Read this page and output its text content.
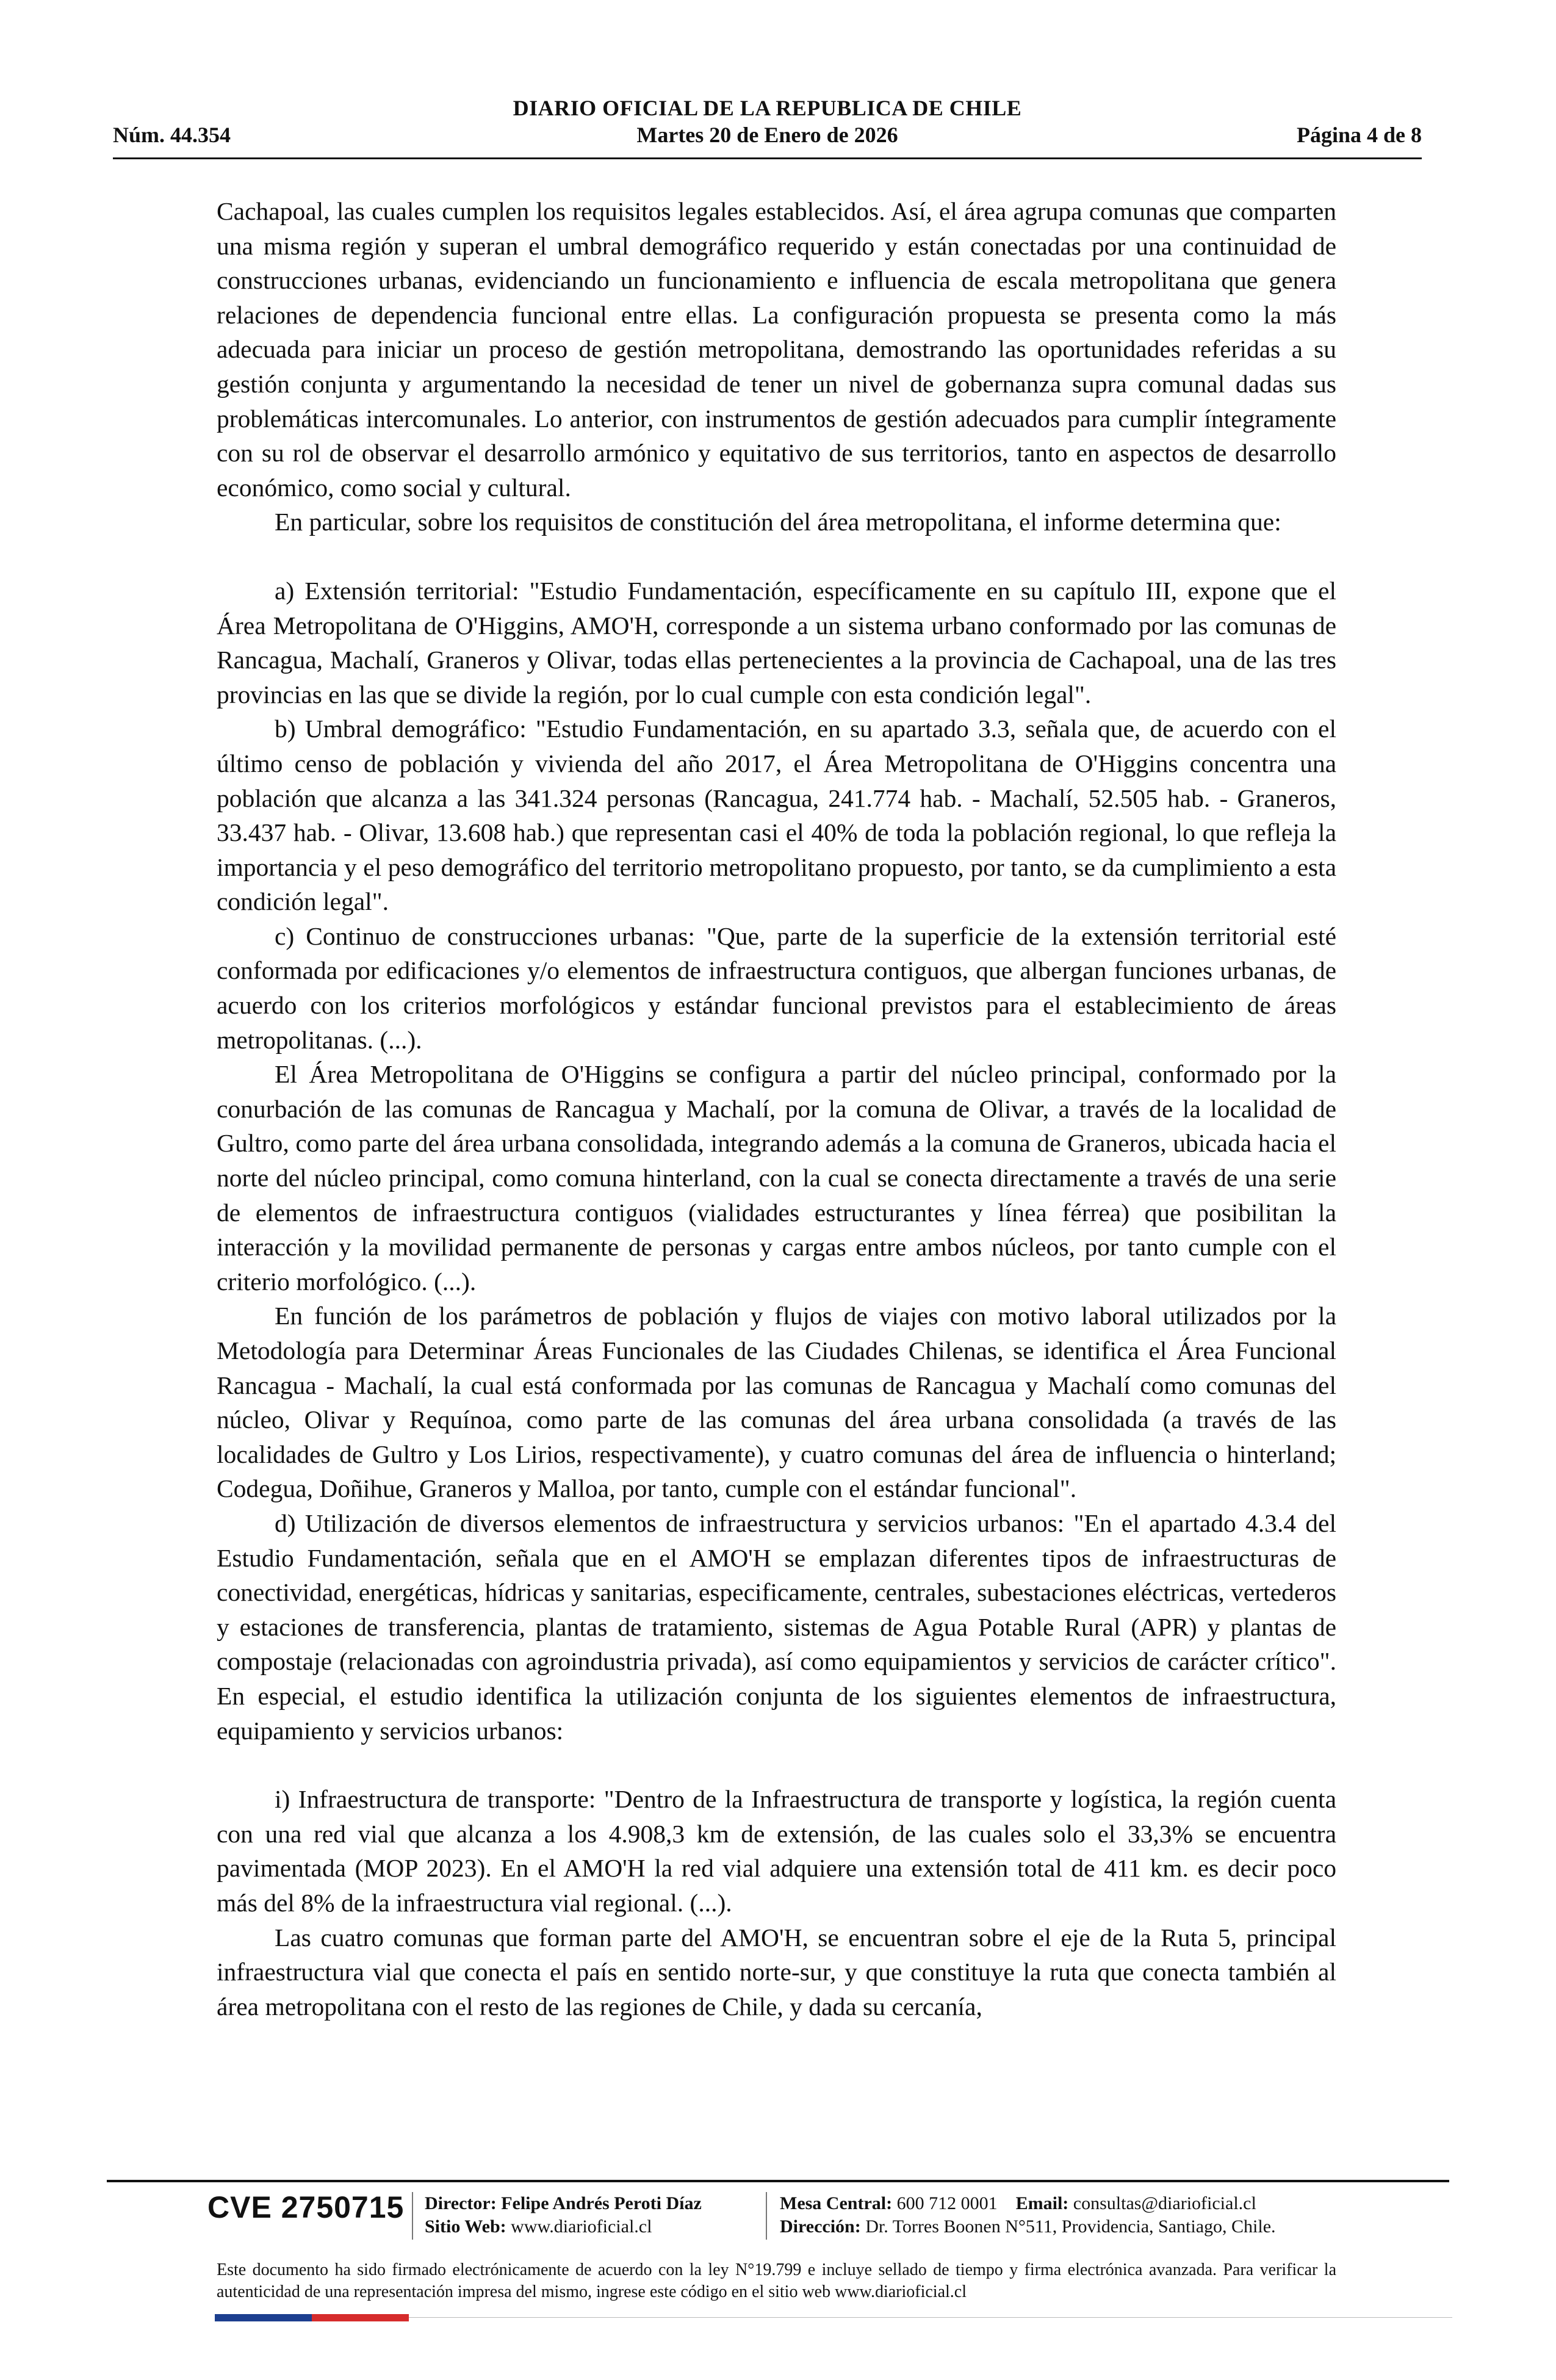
DIARIO OFICIAL DE LA REPUBLICA DE CHILE
Núm. 44.354	Martes 20 de Enero de 2026	Página 4 de 8

Cachapoal, las cuales cumplen los requisitos legales establecidos. Así, el área agrupa comunas que comparten una misma región y superan el umbral demográfico requerido y están conectadas por una continuidad de construcciones urbanas, evidenciando un funcionamiento e influencia de escala metropolitana que genera relaciones de dependencia funcional entre ellas. La configuración propuesta se presenta como la más adecuada para iniciar un proceso de gestión metropolitana, demostrando las oportunidades referidas a su gestión conjunta y argumentando la necesidad de tener un nivel de gobernanza supra comunal dadas sus problemáticas intercomunales. Lo anterior, con instrumentos de gestión adecuados para cumplir íntegramente con su rol de observar el desarrollo armónico y equitativo de sus territorios, tanto en aspectos de desarrollo económico, como social y cultural.

En particular, sobre los requisitos de constitución del área metropolitana, el informe determina que:

a) Extensión territorial: "Estudio Fundamentación, específicamente en su capítulo III, expone que el Área Metropolitana de O'Higgins, AMO'H, corresponde a un sistema urbano conformado por las comunas de Rancagua, Machalí, Graneros y Olivar, todas ellas pertenecientes a la provincia de Cachapoal, una de las tres provincias en las que se divide la región, por lo cual cumple con esta condición legal".

b) Umbral demográfico: "Estudio Fundamentación, en su apartado 3.3, señala que, de acuerdo con el último censo de población y vivienda del año 2017, el Área Metropolitana de O'Higgins concentra una población que alcanza a las 341.324 personas (Rancagua, 241.774 hab. - Machalí, 52.505 hab. - Graneros, 33.437 hab. - Olivar, 13.608 hab.) que representan casi el 40% de toda la población regional, lo que refleja la importancia y el peso demográfico del territorio metropolitano propuesto, por tanto, se da cumplimiento a esta condición legal".

c) Continuo de construcciones urbanas: "Que, parte de la superficie de la extensión territorial esté conformada por edificaciones y/o elementos de infraestructura contiguos, que albergan funciones urbanas, de acuerdo con los criterios morfológicos y estándar funcional previstos para el establecimiento de áreas metropolitanas. (...).

El Área Metropolitana de O'Higgins se configura a partir del núcleo principal, conformado por la conurbación de las comunas de Rancagua y Machalí, por la comuna de Olivar, a través de la localidad de Gultro, como parte del área urbana consolidada, integrando además a la comuna de Graneros, ubicada hacia el norte del núcleo principal, como comuna hinterland, con la cual se conecta directamente a través de una serie de elementos de infraestructura contiguos (vialidades estructurantes y línea férrea) que posibilitan la interacción y la movilidad permanente de personas y cargas entre ambos núcleos, por tanto cumple con el criterio morfológico. (...).

En función de los parámetros de población y flujos de viajes con motivo laboral utilizados por la Metodología para Determinar Áreas Funcionales de las Ciudades Chilenas, se identifica el Área Funcional Rancagua - Machalí, la cual está conformada por las comunas de Rancagua y Machalí como comunas del núcleo, Olivar y Requínoa, como parte de las comunas del área urbana consolidada (a través de las localidades de Gultro y Los Lirios, respectivamente), y cuatro comunas del área de influencia o hinterland; Codegua, Doñihue, Graneros y Malloa, por tanto, cumple con el estándar funcional".

d) Utilización de diversos elementos de infraestructura y servicios urbanos: "En el apartado 4.3.4 del Estudio Fundamentación, señala que en el AMO'H se emplazan diferentes tipos de infraestructuras de conectividad, energéticas, hídricas y sanitarias, especificamente, centrales, subestaciones eléctricas, vertederos y estaciones de transferencia, plantas de tratamiento, sistemas de Agua Potable Rural (APR) y plantas de compostaje (relacionadas con agroindustria privada), así como equipamientos y servicios de carácter crítico". En especial, el estudio identifica la utilización conjunta de los siguientes elementos de infraestructura, equipamiento y servicios urbanos:

i) Infraestructura de transporte: "Dentro de la Infraestructura de transporte y logística, la región cuenta con una red vial que alcanza a los 4.908,3 km de extensión, de las cuales solo el 33,3% se encuentra pavimentada (MOP 2023). En el AMO'H la red vial adquiere una extensión total de 411 km. es decir poco más del 8% de la infraestructura vial regional. (...).

Las cuatro comunas que forman parte del AMO'H, se encuentran sobre el eje de la Ruta 5, principal infraestructura vial que conecta el país en sentido norte-sur, y que constituye la ruta que conecta también al área metropolitana con el resto de las regiones de Chile, y dada su cercanía,

CVE 2750715 Director: Felipe Andrés Peroti Díaz
Sitio Web: www.diarioficial.cl
Mesa Central: 600 712 0001 Email: consultas@diarioficial.cl
Dirección: Dr. Torres Boonen N°511, Providencia, Santiago, Chile.
Este documento ha sido firmado electrónicamente de acuerdo con la ley N°19.799 e incluye sellado de tiempo y firma electrónica avanzada. Para verificar la autenticidad de una representación impresa del mismo, ingrese este código en el sitio web www.diarioficial.cl
